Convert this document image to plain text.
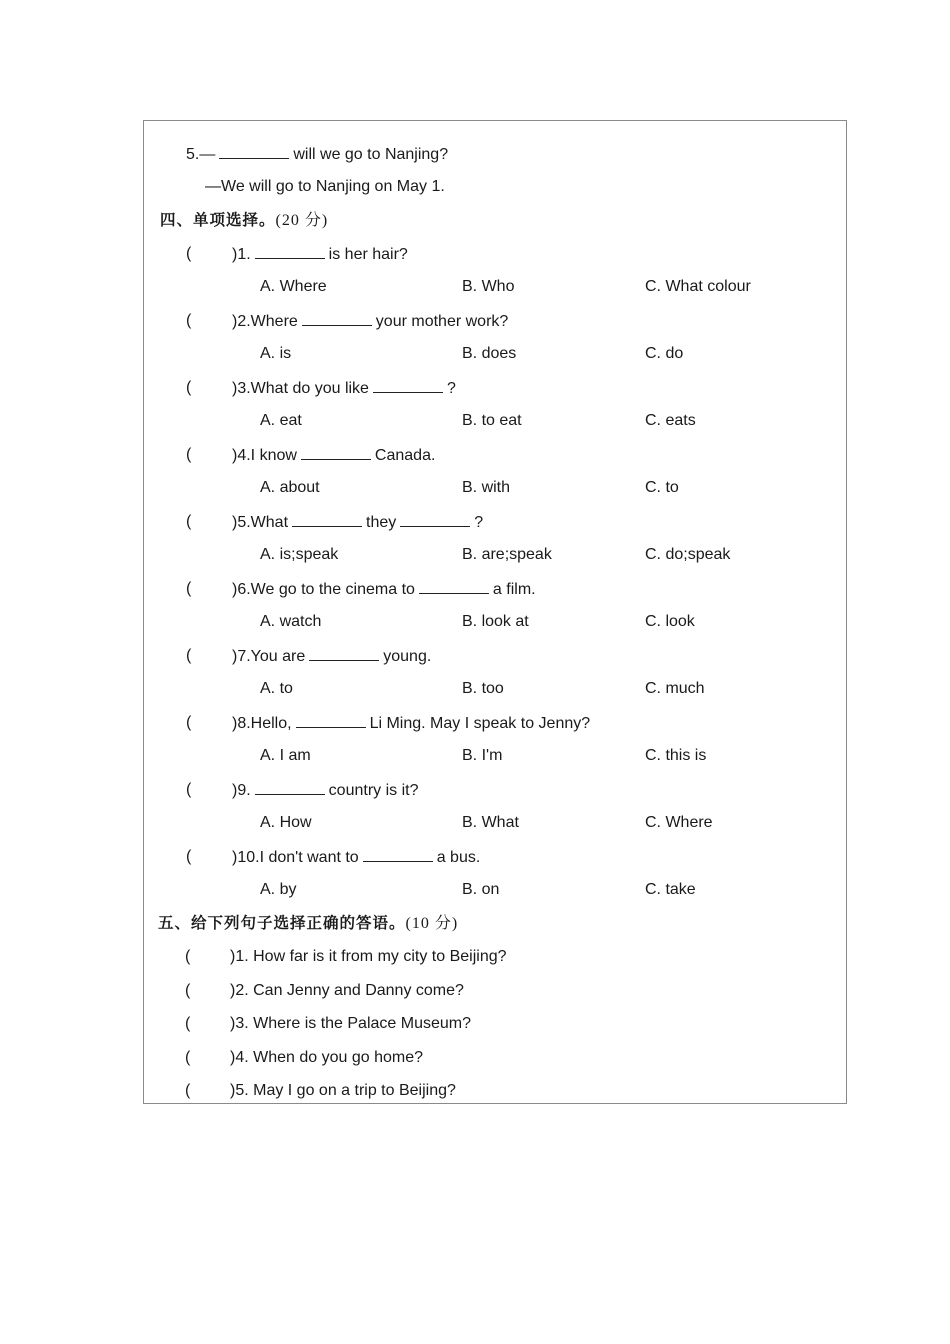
5.—	will we go to Nanjing?
—We will go to Nanjing on May 1.
四、单项选择。(20 分)
(	)1.	is her hair?
A. Where	B. Who	C. What colour
(	)2.Where	your mother work?
A. is	B. does	C. do
(	)3.What do you like	?
A. eat	B. to eat	C. eats
(	)4.I know	Canada.
A. about	B. with	C. to
(	)5.What	they	?
A. is;speak	B. are;speak	C. do;speak
(	)6.We go to the cinema to	a film.
A. watch	B. look at	C. look
(	)7.You are	young.
A. to	B. too	C. much
(	)8.Hello,	Li Ming. May I speak to Jenny?
A. I am	B. I'm	C. this is
(	)9.	country is it?
A. How	B. What	C. Where
(	)10.I don't want to	a bus.
A. by	B. on	C. take
五、给下列句子选择正确的答语。(10 分)
( )1. How far is it from my city to Beijing?
( )2. Can Jenny and Danny come?
( )3. Where is the Palace Museum?
( )4. When do you go home?
( )5. May I go on a trip to Beijing?
